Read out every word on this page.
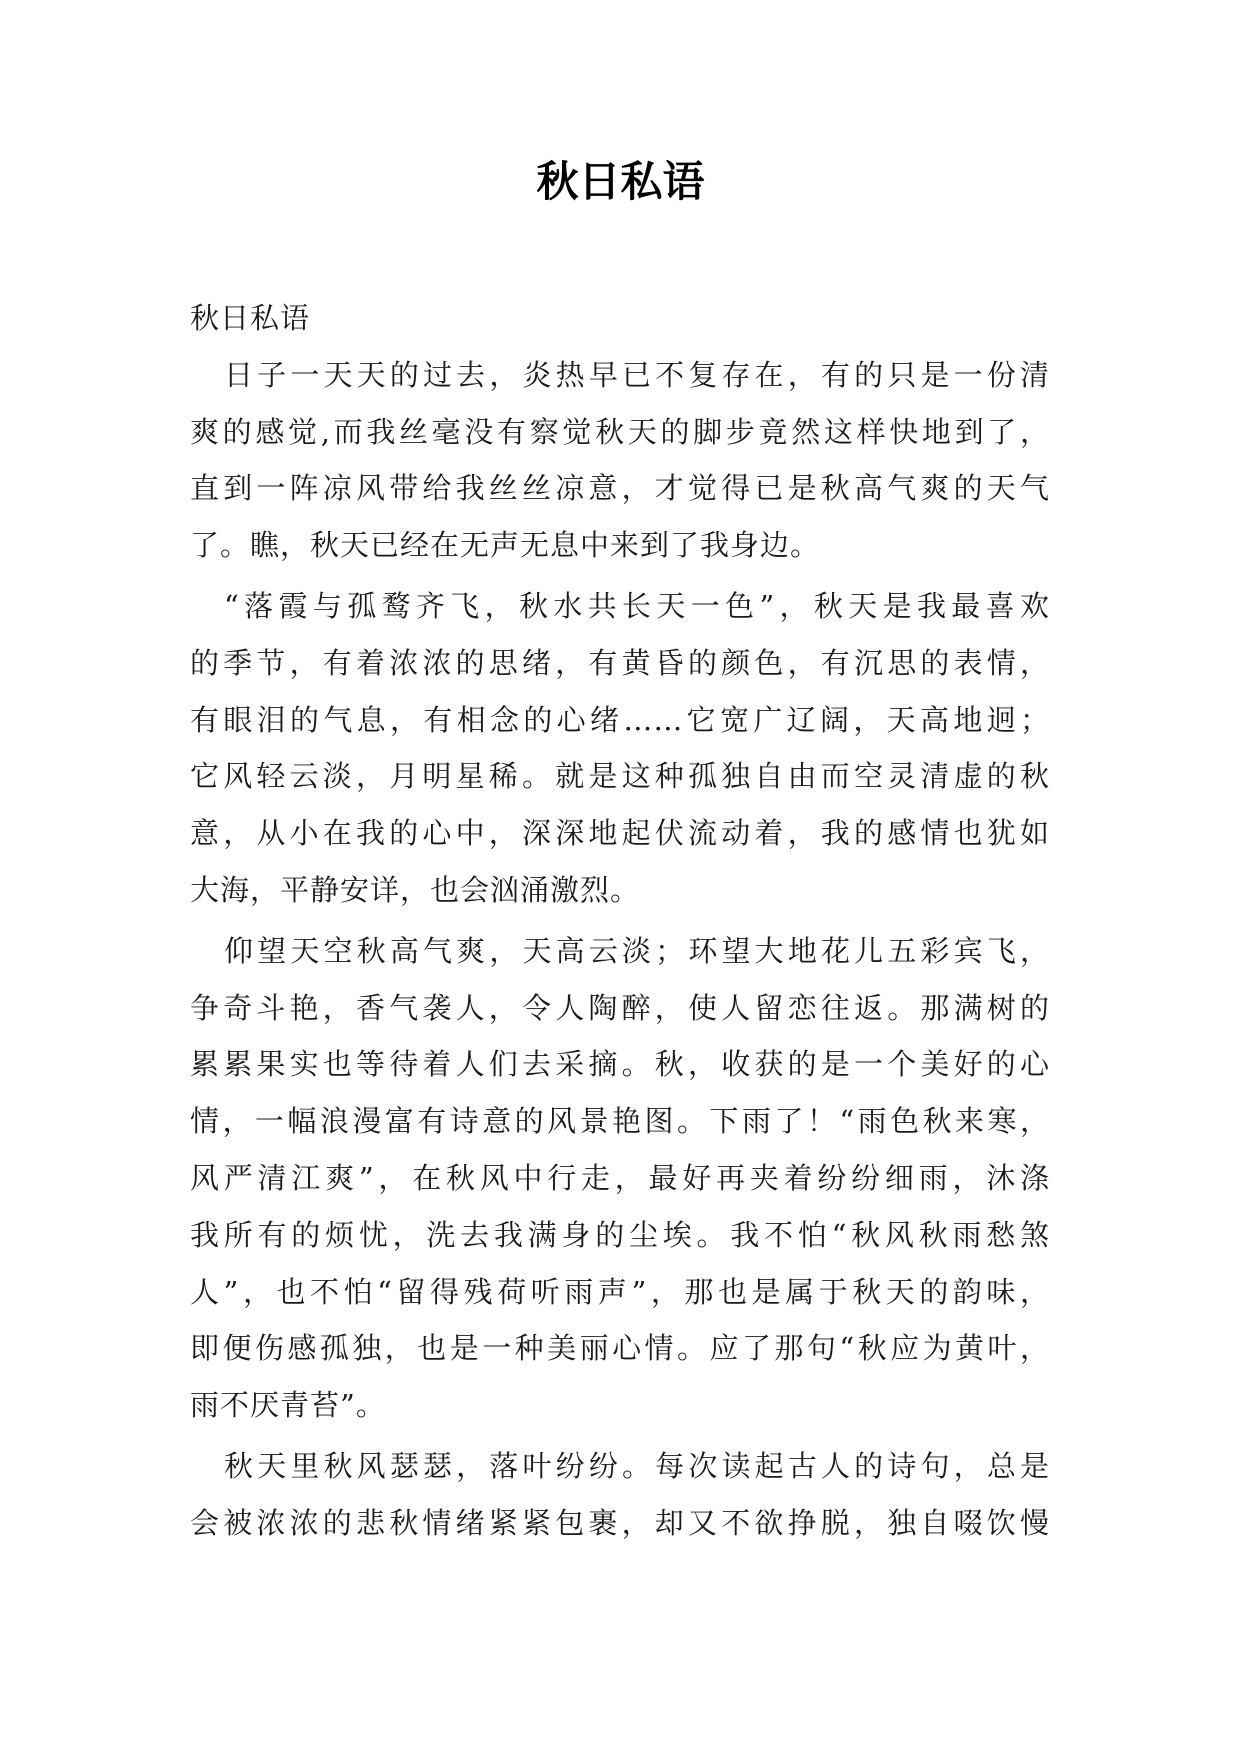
秋日私语
秋日私语
日子一天天的过去，炎热早已不复存在，有的只是一份清
爽的感觉,而我丝毫没有察觉秋天的脚步竟然这样快地到了，
直到一阵凉风带给我丝丝凉意，才觉得已是秋高气爽的天气
了。瞧，秋天已经在无声无息中来到了我身边。
“落霞与孤鹜齐飞，秋水共长天一色”，秋天是我最喜欢
的季节，有着浓浓的思绪，有黄昏的颜色，有沉思的表情，
有眼泪的气息，有相念的心绪……它宽广辽阔，天高地迥；
它风轻云淡，月明星稀。就是这种孤独自由而空灵清虚的秋
意，从小在我的心中，深深地起伏流动着，我的感情也犹如
大海，平静安详，也会汹涌激烈。
仰望天空秋高气爽，天高云淡；环望大地花儿五彩宾飞，
争奇斗艳，香气袭人，令人陶醉，使人留恋往返。那满树的
累累果实也等待着人们去采摘。秋，收获的是一个美好的心
情，一幅浪漫富有诗意的风景艳图。下雨了！“雨色秋来寒，
风严清江爽”，在秋风中行走，最好再夹着纷纷细雨，沐涤
我所有的烦忧，洗去我满身的尘埃。我不怕“秋风秋雨愁煞
人”，也不怕“留得残荷听雨声”，那也是属于秋天的韵味，
即便伤感孤独，也是一种美丽心情。应了那句“秋应为黄叶，
雨不厌青苔”。
秋天里秋风瑟瑟，落叶纷纷。每次读起古人的诗句，总是
会被浓浓的悲秋情绪紧紧包裹，却又不欲挣脱，独自啜饮慢
